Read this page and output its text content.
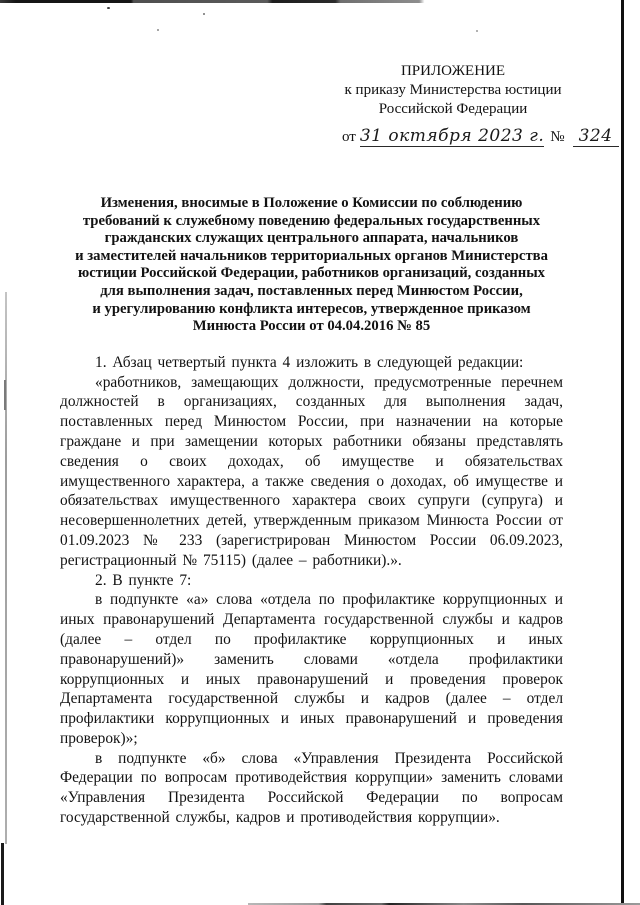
ПРИЛОЖЕНИЕ
к приказу Министерства юстиции
Российской Федерации
от 31 октября 2023 г. № 324
Изменения, вносимые в Положение о Комиссии по соблюдению
требований к служебному поведению федеральных государственных
гражданских служащих центрального аппарата, начальников
и заместителей начальников территориальных органов Министерства
юстиции Российской Федерации, работников организаций, созданных
для выполнения задач, поставленных перед Минюстом России,
и урегулированию конфликта интересов, утвержденное приказом
Минюста России от 04.04.2016 № 85

1. Абзац четвертый пункта 4 изложить в следующей редакции:

«работников, замещающих должности, предусмотренные перечнем должностей в организациях, созданных для выполнения задач, поставленных перед Минюстом России, при назначении на которые граждане и при замещении которых работники обязаны представлять сведения о своих доходах, об имуществе и обязательствах имущественного характера, а также сведения о доходах, об имуществе и обязательствах имущественного характера своих супруги (супруга) и несовершеннолетних детей, утвержденным приказом Минюста России от 01.09.2023 № 233 (зарегистрирован Минюстом России 06.09.2023, регистрационный № 75115) (далее – работники).».

2. В пункте 7:

в подпункте «а» слова «отдела по профилактике коррупционных и иных правонарушений Департамента государственной службы и кадров (далее – отдел по профилактике коррупционных и иных правонарушений)» заменить словами «отдела профилактики коррупционных и иных правонарушений и проведения проверок Департамента государственной службы и кадров (далее – отдел профилактики коррупционных и иных правонарушений и проведения проверок)»;

в подпункте «б» слова «Управления Президента Российской Федерации по вопросам противодействия коррупции» заменить словами «Управления Президента Российской Федерации по вопросам государственной службы, кадров и противодействия коррупции».
